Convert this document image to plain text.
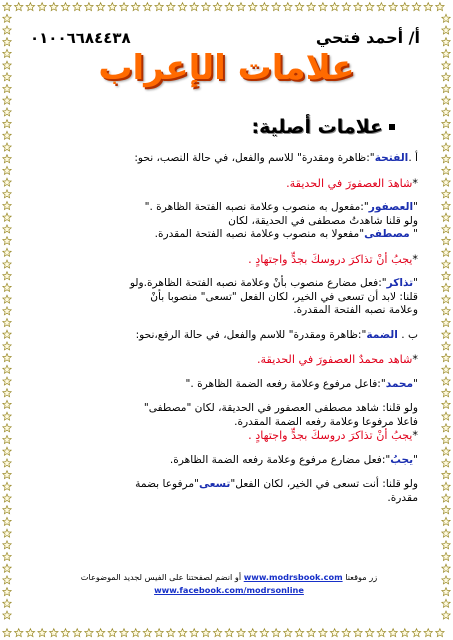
٠١٠٠٦٦٨٤٤٣٨	أ/ أحمد فتحي
علامات الإعراب
علامات أصلية:

أ .الفتحة":ظاهرة ومقدرة" للاسم والفعل، في حالة النصب، نحو:

*شاهدَ العصفورَ في الحديقة.

"العصفور":مفعول به منصوب وعلامة نصبه الفتحة الظاهرة ."

ولو قلنا شاهدتُ مصطفى في الحديقة، لكان

" مصطفى"مفعولا به منصوب وعلامة نصبه الفتحة المقدرة.

*يجبُ أنْ تذاكرَ دروسكَ بجدٍّ واجتهادٍ .

"تذاكر":فعل مضارع منصوب بأنْ وعلامة نصبه الفتحة الظاهرة.ولو

قلنا: لابد أن تسعى في الخير، لكان الفعل "تسعى" منصوبا بأنْ

وعلامة نصبه الفتحة المقدرة.

ب . الضمة":ظاهرة ومقدرة" للاسم والفعل، في حالة الرفع،نحو:

*شاهد محمدٌ العصفورَ في الحديقة.

"محمد":فاعل مرفوع وعلامة رفعه الضمة الظاهرة ."

ولو قلنا: شاهد مصطفى العصفور في الحديقة، لكان "مصطفى"

فاعلا مرفوعا وعلامة رفعه الضمة المقدرة.

*يجبُ أنْ تذاكرَ دروسكَ بجدٍّ واجتهادٍ .

"يجبُ":فعل مضارع مرفوع وعلامة رفعه الضمة الظاهرة.

ولو قلنا: أنت تسعى في الخير، لكان الفعل"تسعى"مرفوعا بضمة

مقدرة.

زر موقعنا www.modrsbook.com أو انضم لصفحتنا على الفيس لجديد الموضوعات
www.facebook.com/modrsonline
